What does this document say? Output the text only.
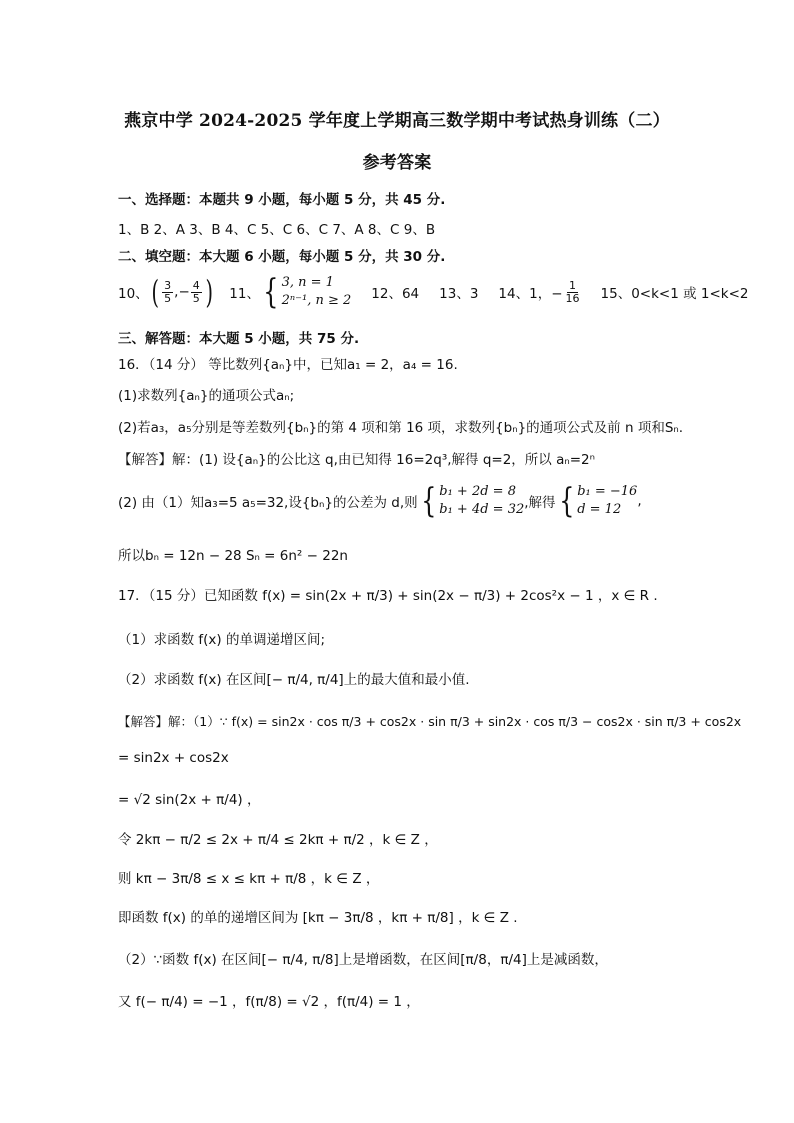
燕京中学 2024-2025 学年度上学期高三数学期中考试热身训练（二）
参考答案
一、选择题：本题共 9 小题，每小题 5 分，共 45 分.
1、B 2、A 3、B 4、C 5、C 6、C 7、A 8、C 9、B
二、填空题：本大题 6 小题，每小题 5 分，共 30 分.
10、 ( $\frac{3}{5}$ ,− $\frac{4}{5}$ ) 11、 { 3, n = 1
2ⁿ⁻¹, n ≥ 2 12、64 13、3 14、1，− $\frac{1}{16} 15$、0<k<1 或 1<k<2
三、解答题：本大题 5 小题，共 75 分.
16．（14 分） 等比数列{aₙ}中，已知a₁ = 2，a₄ = 16.
(1)求数列{aₙ}的通项公式aₙ;
(2)若a₃，a₅分别是等差数列{bₙ}的第 4 项和第 16 项，求数列{bₙ}的通项公式及前 n 项和Sₙ.
【解答】解：(1) 设{aₙ}的公比这 q,由已知得 16=2q³,解得 q=2，所以 aₙ=2ⁿ
(2) 由（1）知a₃=5 a₅=32,设{bₙ}的公差为 d,则 { b₁ + 2d = 8
b₁ + 4d = 32 ,解得 { b₁ = −16
d = 12
,
所以bₙ = 12n − 28 Sₙ = 6n² − 22n
17．（15 分）已知函数 f(x) = sin(2x + π/3) + sin(2x − π/3) + 2cos²x − 1 ，x ∈ R .
（1）求函数 f(x) 的单调递增区间;
（2）求函数 f(x) 在区间[− π/4, π/4]上的最大值和最小值.
【解答】解：（1）∵ f(x) = sin2x · cos π/3 + cos2x · sin π/3 + sin2x · cos π/3 − cos2x · sin π/3 + cos2x
= sin2x + cos2x
= √2 sin(2x + π/4) ，
令 2kπ − π/2 ≤ 2x + π/4 ≤ 2kπ + π/2 ，k ∈ Z ，
则 kπ − 3π/8 ≤ x ≤ kπ + π/8 ，k ∈ Z ，
即函数 f(x) 的单的递增区间为 [kπ − 3π/8 ，kπ + π/8] ，k ∈ Z .
（2）∵函数 f(x) 在区间[− π/4, π/8]上是增函数，在区间[π/8，π/4]上是减函数，
又 f(− π/4) = −1 ，f(π/8) = √2 ，f(π/4) = 1 ，
